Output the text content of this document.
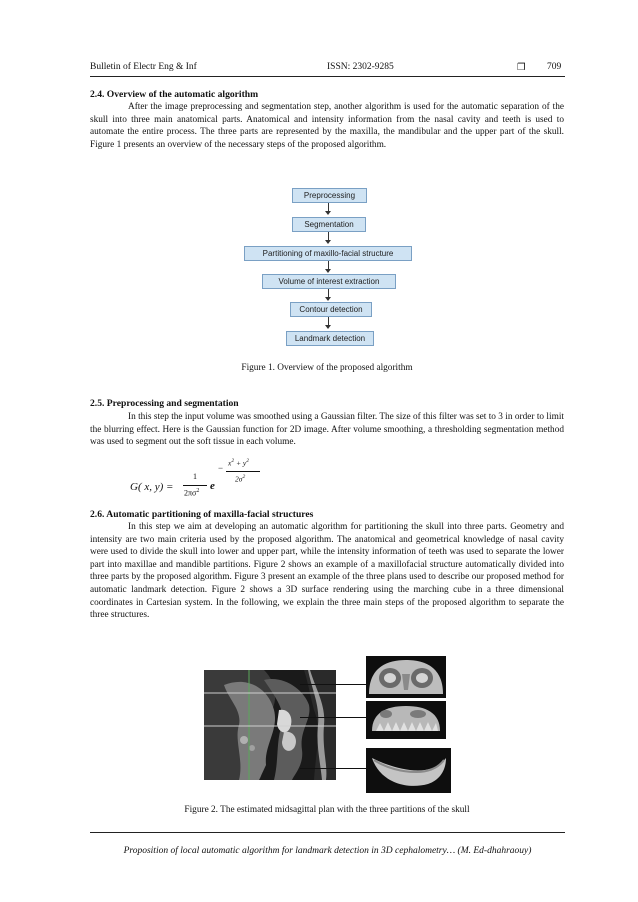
Bulletin of Electr Eng & Inf	ISSN: 2302-9285	❒ 709
2.4. Overview of the automatic algorithm

After the image preprocessing and segmentation step, another algorithm is used for the automatic separation of the skull into three main anatomical parts. Anatomical and intensity information from the nasal cavity and teeth is used to automate the entire process. The three parts are represented by the maxilla, the mandibular and the upper part of the skull. Figure 1 presents an overview of the necessary steps of the proposed algorithm.

Preprocessing
Segmentation
Partitioning of maxillo-facial structure
Volume of interest extraction
Contour detection
Landmark detection
Figure 1. Overview of the proposed algorithm
2.5. Preprocessing and segmentation

In this step the input volume was smoothed using a Gaussian filter. The size of this filter was set to 3 in order to limit the blurring effect. Here is the Gaussian function for 2D image. After volume smoothing, a thresholding segmentation method was used to segment out the soft tissue in each volume.

G( x, y) =
1
$2\pi\sigma^2$ e
− $x^2 + y^2$
$2\sigma^2$
2.6. Automatic partitioning of maxilla-facial structures

In this step we aim at developing an automatic algorithm for partitioning the skull into three parts. Geometry and intensity are two main criteria used by the proposed algorithm. The anatomical and geometrical knowledge of nasal cavity were used to divide the skull into lower and upper part, while the intensity information of teeth was used to separate the lower part into maxillae and mandible partitions. Figure 2 shows an example of a maxillofacial structure automatically divided into three parts by the proposed algorithm. Figure 3 present an example of the three plans used to describe our proposed method for automatic landmark detection. Figure 2 shows a 3D surface rendering using the marching cube in a three dimensional coordinates in Cartesian system. In the following, we explain the three main steps of the proposed algorithm to separate the three structures.

Figure 2. The estimated midsagittal plan with the three partitions of the skull
Proposition of local automatic algorithm for landmark detection in 3D cephalometry… (M. Ed-dhahraouy)
